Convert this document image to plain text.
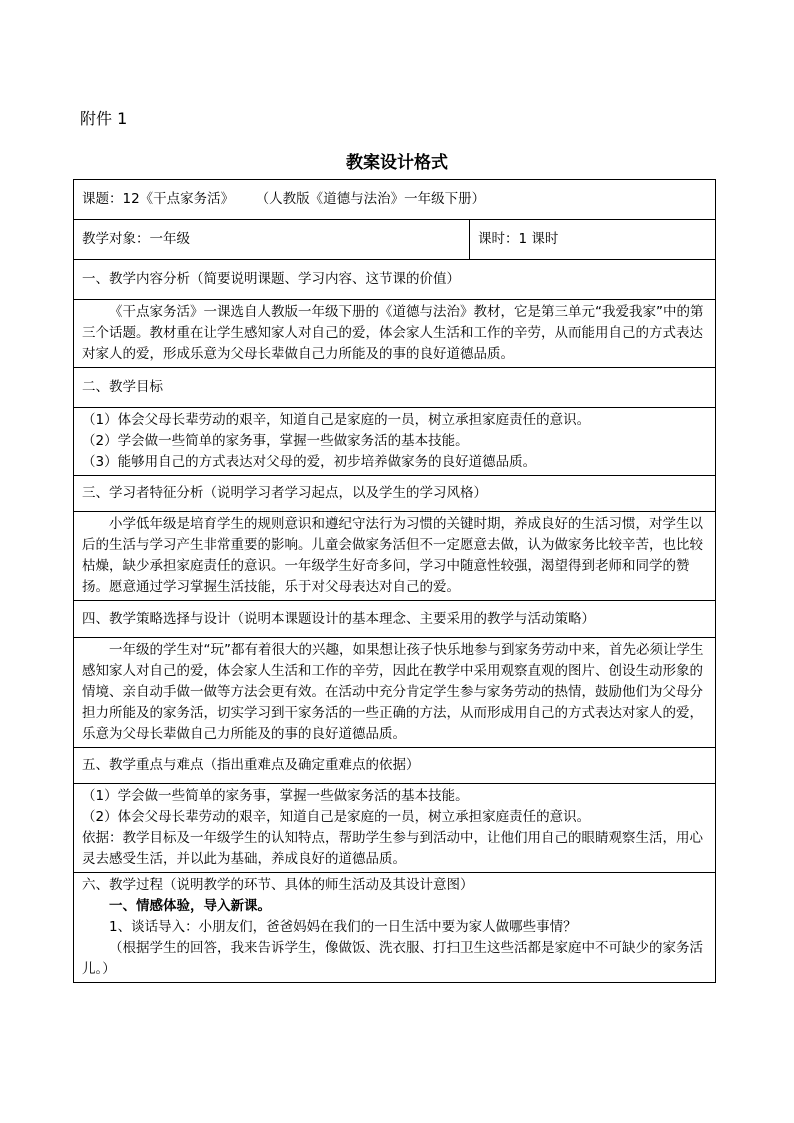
附件 1
教案设计格式
课题：12《干点家务活》     （人教版《道德与法治》一年级下册）
教学对象：一年级	课时：1 课时
一、教学内容分析（简要说明课题、学习内容、这节课的价值）

《干点家务活》一课选自人教版一年级下册的《道德与法治》教材，它是第三单元“我爱我家”中的第三个话题。教材重在让学生感知家人对自己的爱，体会家人生活和工作的辛劳，从而能用自己的方式表达对家人的爱，形成乐意为父母长辈做自己力所能及的事的良好道德品质。

二、教学目标

（1）体会父母长辈劳动的艰辛，知道自己是家庭的一员，树立承担家庭责任的意识。

（2）学会做一些简单的家务事，掌握一些做家务活的基本技能。

（3）能够用自己的方式表达对父母的爱，初步培养做家务的良好道德品质。

三、学习者特征分析（说明学习者学习起点，以及学生的学习风格）

小学低年级是培育学生的规则意识和遵纪守法行为习惯的关键时期，养成良好的生活习惯，对学生以后的生活与学习产生非常重要的影响。儿童会做家务活但不一定愿意去做，认为做家务比较辛苦，也比较枯燥，缺少承担家庭责任的意识。一年级学生好奇多问，学习中随意性较强，渴望得到老师和同学的赞扬。愿意通过学习掌握生活技能，乐于对父母表达对自己的爱。

四、教学策略选择与设计（说明本课题设计的基本理念、主要采用的教学与活动策略）

一年级的学生对“玩”都有着很大的兴趣，如果想让孩子快乐地参与到家务劳动中来，首先必须让学生感知家人对自己的爱，体会家人生活和工作的辛劳，因此在教学中采用观察直观的图片、创设生动形象的情境、亲自动手做一做等方法会更有效。在活动中充分肯定学生参与家务劳动的热情，鼓励他们为父母分担力所能及的家务活，切实学习到干家务活的一些正确的方法，从而形成用自己的方式表达对家人的爱，乐意为父母长辈做自己力所能及的事的良好道德品质。

五、教学重点与难点（指出重难点及确定重难点的依据）

（1）学会做一些简单的家务事，掌握一些做家务活的基本技能。

（2）体会父母长辈劳动的艰辛，知道自己是家庭的一员，树立承担家庭责任的意识。

依据：教学目标及一年级学生的认知特点，帮助学生参与到活动中，让他们用自己的眼睛观察生活，用心灵去感受生活，并以此为基础，养成良好的道德品质。

六、教学过程（说明教学的环节、具体的师生活动及其设计意图）

一、情感体验，导入新课。

1、谈话导入：小朋友们，爸爸妈妈在我们的一日生活中要为家人做哪些事情？

（根据学生的回答，我来告诉学生，像做饭、洗衣服、打扫卫生这些活都是家庭中不可缺少的家务活儿。）
